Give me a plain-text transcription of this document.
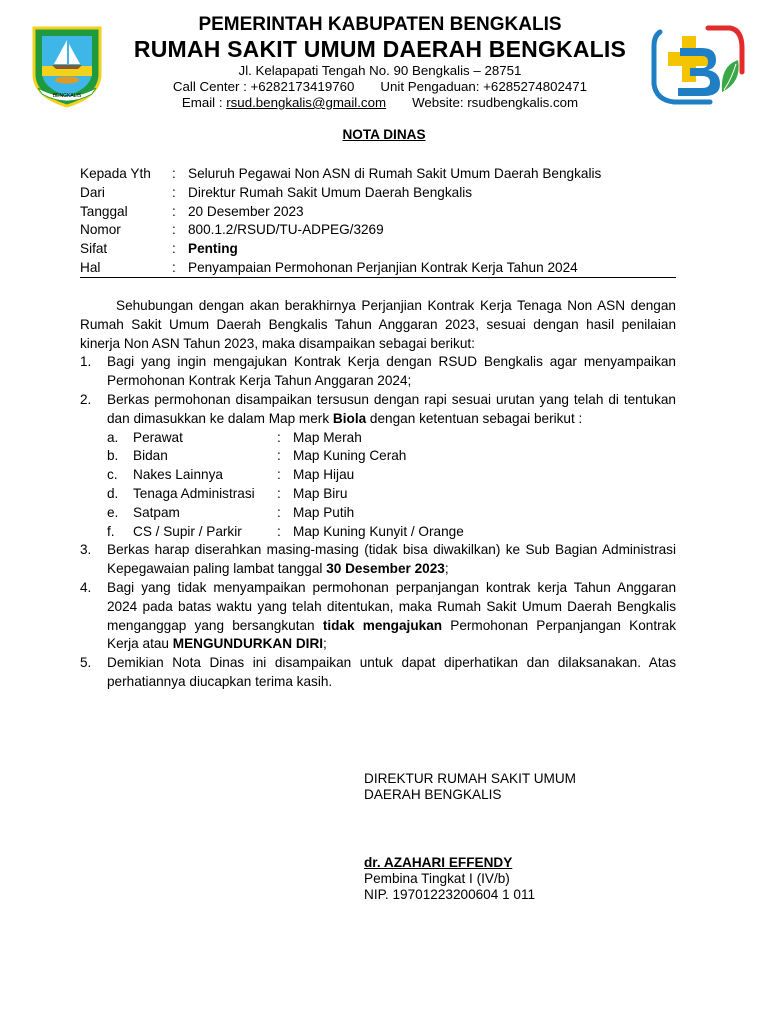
BENGKALIS
PEMERINTAH KABUPATEN BENGKALIS
RUMAH SAKIT UMUM DAERAH BENGKALIS
Jl. Kelapapati Tengah No. 90 Bengkalis – 28751
Call Center : +6282173419760 Unit Pengaduan: +6285274802471
Email : rsud.bengkalis@gmail.com Website: rsudbengkalis.com
NOTA DINAS
Kepada Yth	: Seluruh Pegawai Non ASN di Rumah Sakit Umum Daerah Bengkalis
Dari	: Direktur Rumah Sakit Umum Daerah Bengkalis
Tanggal	: 20 Desember 2023
Nomor	: 800.1.2/RSUD/TU-ADPEG/3269
Sifat	: Penting
Hal	: Penyampaian Permohonan Perjanjian Kontrak Kerja Tahun 2024
Sehubungan dengan akan berakhirnya Perjanjian Kontrak Kerja Tenaga Non ASN dengan Rumah Sakit Umum Daerah Bengkalis Tahun Anggaran 2023, sesuai dengan hasil penilaian kinerja Non ASN Tahun 2023, maka disampaikan sebagai berikut:
1.	Bagi yang ingin mengajukan Kontrak Kerja dengan RSUD Bengkalis agar menyampaikan Permohonan Kontrak Kerja Tahun Anggaran 2024;
2.	Berkas permohonan disampaikan tersusun dengan rapi sesuai urutan yang telah di tentukan dan dimasukkan ke dalam Map merk Biola dengan ketentuan sebagai berikut :
a.	Perawat	: Map Merah
b.	Bidan	: Map Kuning Cerah
c.	Nakes Lainnya	: Map Hijau
d.	Tenaga Administrasi	: Map Biru
e.	Satpam	: Map Putih
f.	CS / Supir / Parkir	: Map Kuning Kunyit / Orange
3.	Berkas harap diserahkan masing-masing (tidak bisa diwakilkan) ke Sub Bagian Administrasi Kepegawaian paling lambat tanggal 30 Desember 2023;
4.	Bagi yang tidak menyampaikan permohonan perpanjangan kontrak kerja Tahun Anggaran 2024 pada batas waktu yang telah ditentukan, maka Rumah Sakit Umum Daerah Bengkalis menganggap yang bersangkutan tidak mengajukan Permohonan Perpanjangan Kontrak Kerja atau MENGUNDURKAN DIRI;
5.	Demikian Nota Dinas ini disampaikan untuk dapat diperhatikan dan dilaksanakan. Atas perhatiannya diucapkan terima kasih.
DIREKTUR RUMAH SAKIT UMUM
DAERAH BENGKALIS
dr. AZAHARI EFFENDY
Pembina Tingkat I (IV/b)
NIP. 19701223200604 1 011
